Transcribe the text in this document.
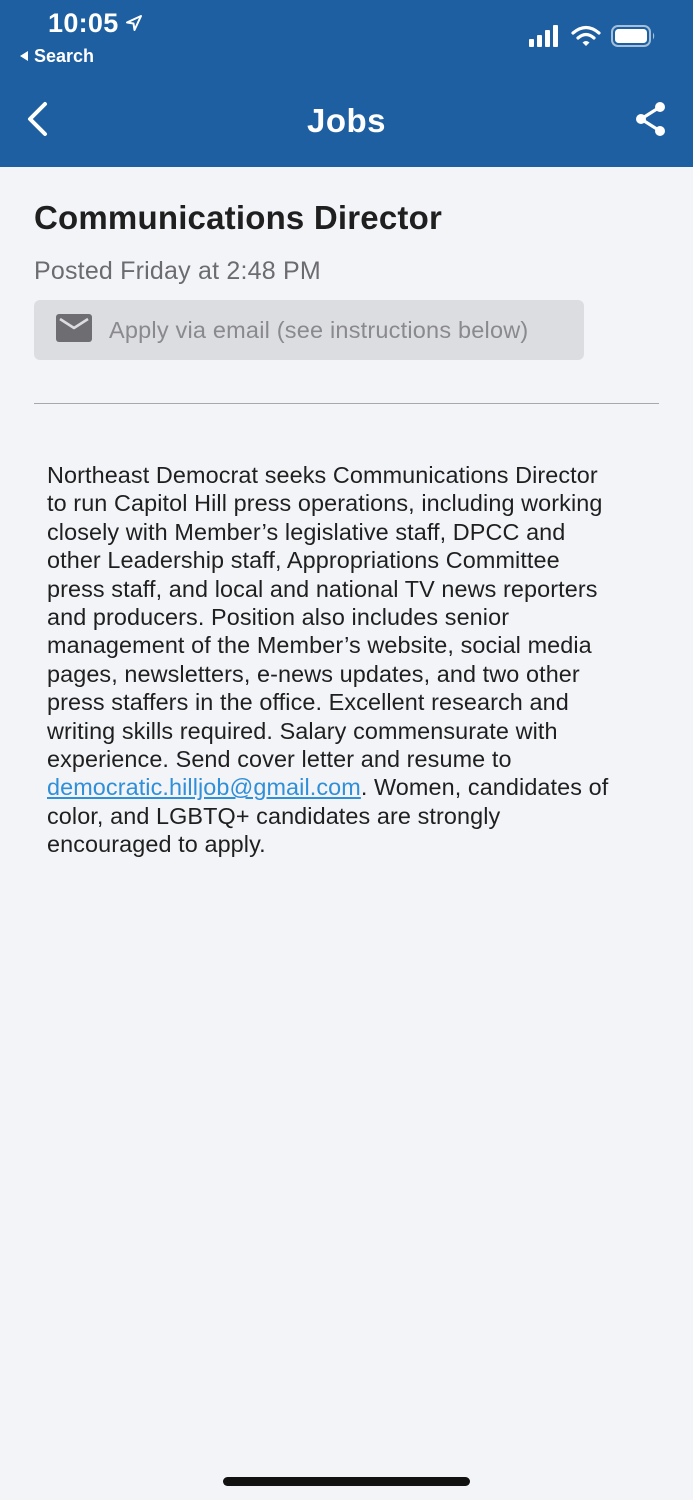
10:05
Search
Jobs
Communications Director
Posted Friday at 2:48 PM
Apply via email (see instructions below)
Northeast Democrat seeks Communications Director
to run Capitol Hill press operations, including working
closely with Member’s legislative staff, DPCC and
other Leadership staff, Appropriations Committee
press staff, and local and national TV news reporters
and producers. Position also includes senior
management of the Member’s website, social media
pages, newsletters, e-news updates, and two other
press staffers in the office. Excellent research and
writing skills required. Salary commensurate with
experience. Send cover letter and resume to
democratic.hilljob@gmail.com. Women, candidates of
color, and LGBTQ+ candidates are strongly
encouraged to apply.
